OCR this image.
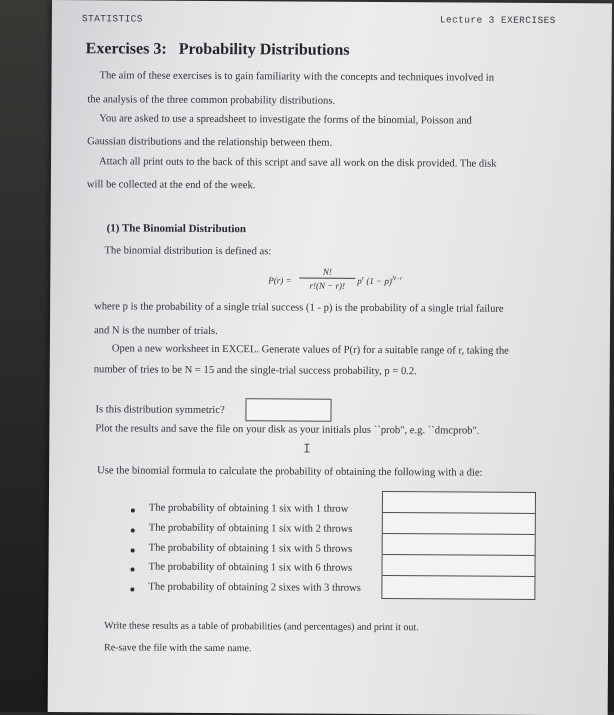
STATISTICS	Lecture 3 EXERCISES
Exercises 3:   Probability Distributions
The aim of these exercises is to gain familiarity with the concepts and techniques involved in
the analysis of the three common probability distributions.
You are asked to use a spreadsheet to investigate the forms of the binomial, Poisson and
Gaussian distributions and the relationship between them.
Attach all print outs to the back of this script and save all work on the disk provided. The disk
will be collected at the end of the week.
(1) The Binomial Distribution
The binomial distribution is defined as:
P(r) =
N!
r!(N − r)!	$p^r$ $(1 - p)^{N-r}$
where p is the probability of a single trial success (1 - p) is the probability of a single trial failure
and N is the number of trials.
Open a new worksheet in EXCEL. Generate values of P(r) for a suitable range of r, taking the
number of tries to be N = 15 and the single-trial success probability, p = 0.2.
Is this distribution symmetric?
Plot the results and save the file on your disk as your initials plus ``prob", e.g. ``dmcprob".
I
Use the binomial formula to calculate the probability of obtaining the following with a die:
The probability of obtaining 1 six with 1 throw
The probability of obtaining 1 six with 2 throws
The probability of obtaining 1 six with 5 throws
The probability of obtaining 1 six with 6 throws
The probability of obtaining 2 sixes with 3 throws
Write these results as a table of probabilities (and percentages) and print it out.
Re-save the file with the same name.
